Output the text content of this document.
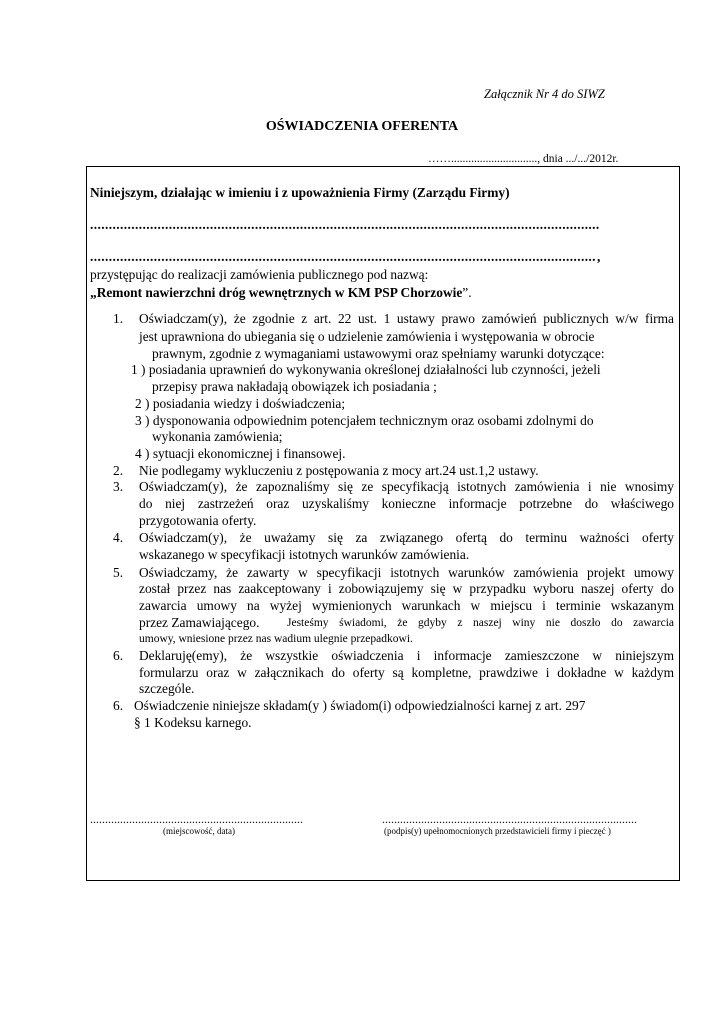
Załącznik Nr 4 do SIWZ
OŚWIADCZENIA OFERENTA
…….............................., dnia .../.../2012r.
Niniejszym, działając w imieniu i z upoważnienia Firmy (Zarządu Firmy)
.....
.....
,
przystępując do realizacji zamówienia publicznego pod nazwą:
„Remont nawierzchni dróg wewnętrznych w KM PSP Chorzowie”.
1. Oświadczam(y), że zgodnie z art. 22 ust. 1 ustawy prawo zamówień publicznych w/w firma
jest uprawniona do ubiegania się o udzielenie zamówienia i występowania w obrocie
prawnym, zgodnie z wymaganiami ustawowymi oraz spełniamy warunki dotyczące:
1 ) posiadania uprawnień do wykonywania określonej działalności lub czynności, jeżeli
przepisy prawa nakładają obowiązek ich posiadania ;
2 ) posiadania wiedzy i doświadczenia;
3 ) dysponowania odpowiednim potencjałem technicznym oraz osobami zdolnymi do
wykonania zamówienia;
4 ) sytuacji ekonomicznej i finansowej.
2. Nie podlegamy wykluczeniu z postępowania z mocy art.24 ust.1,2 ustawy.
3. Oświadczam(y), że zapoznaliśmy się ze specyfikacją istotnych zamówienia i nie wnosimy
do niej zastrzeżeń oraz uzyskaliśmy konieczne informacje potrzebne do właściwego
przygotowania oferty.
4. Oświadczam(y), że uważamy się za związanego ofertą do terminu ważności oferty
wskazanego w specyfikacji istotnych warunków zamówienia.
5. Oświadczamy, że zawarty w specyfikacji istotnych warunków zamówienia projekt umowy
został przez nas zaakceptowany i zobowiązujemy się w przypadku wyboru naszej oferty do
zawarcia umowy na wyżej wymienionych warunkach w miejscu i terminie wskazanym
przez Zamawiającego. Jesteśmy świadomi, że gdyby z naszej winy nie doszło do zawarcia
umowy, wniesione przez nas wadium ulegnie przepadkowi.
6. Deklaruję(emy), że wszystkie oświadczenia i informacje zamieszczone w niniejszym
formularzu oraz w załącznikach do oferty są kompletne, prawdziwe i dokładne w każdym
szczególe.
6. Oświadczenie niniejsze składam(y ) świadom(i) odpowiedzialności karnej z art. 297
§ 1 Kodeksu karnego.
.....
(miejscowość, data)
.....	(podpis(y) upełnomocnionych przedstawicieli firmy i pieczęć )
